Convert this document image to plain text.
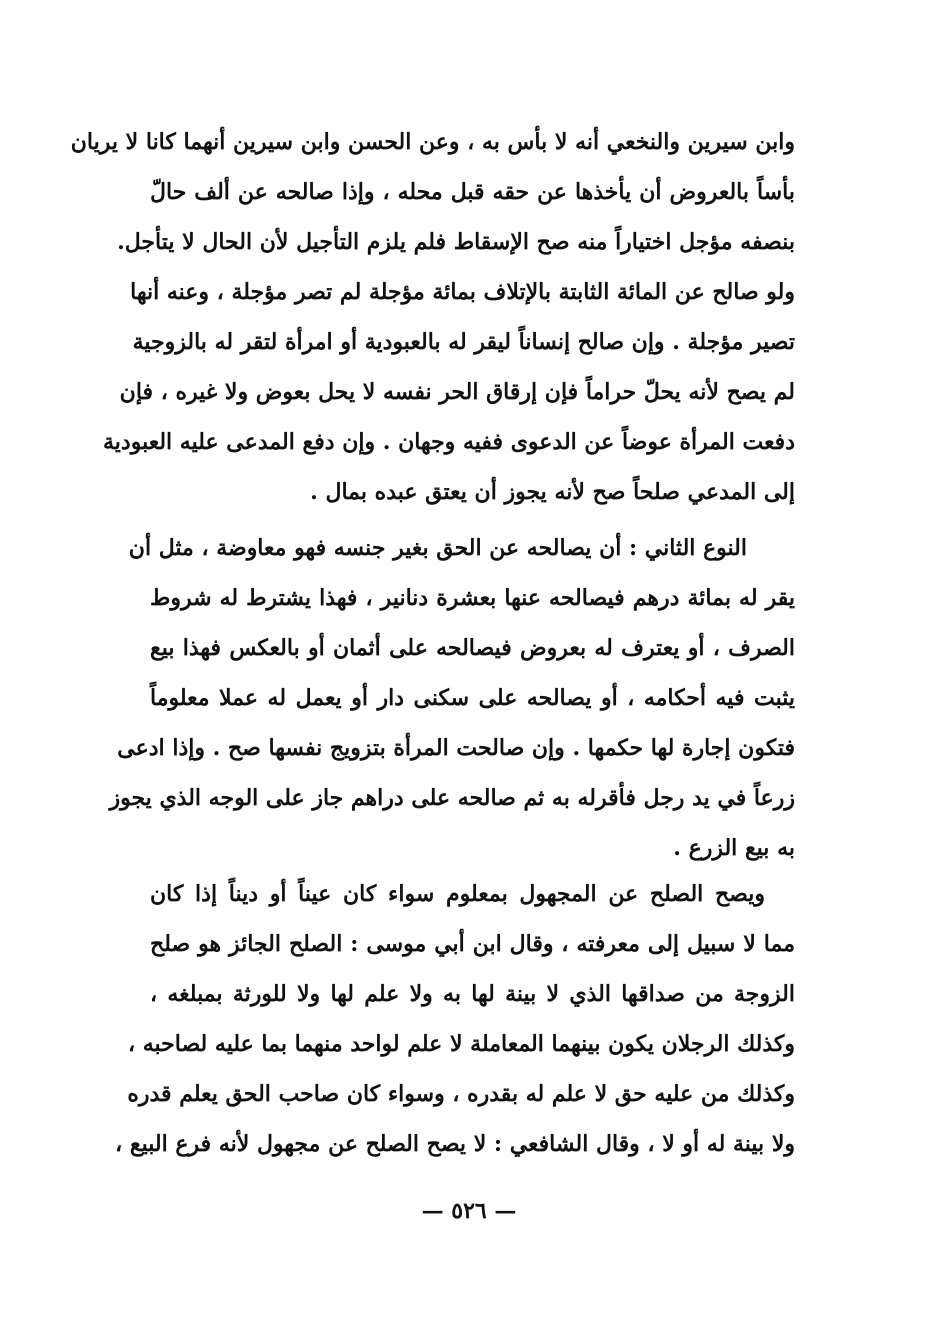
وابن سيرين والنخعي أنه لا بأس به ، وعن الحسن وابن سيرين أنهما كانا لا يريان
بأساً بالعروض أن يأخذها عن حقه قبل محله ، وإذا صالحه عن ألف حالّ
بنصفه مؤجل اختياراً منه صح الإسقاط فلم يلزم التأجيل لأن الحال لا يتأجل.
ولو صالح عن المائة الثابتة بالإتلاف بمائة مؤجلة لم تصر مؤجلة ، وعنه أنها
تصير مؤجلة . وإن صالح إنساناً ليقر له بالعبودية أو امرأة لتقر له بالزوجية
لم يصح لأنه يحلّ حراماً فإن إرقاق الحر نفسه لا يحل بعوض ولا غيره ، فإن
دفعت المرأة عوضاً عن الدعوى ففيه وجهان . وإن دفع المدعى عليه العبودية
إلى المدعي صلحاً صح لأنه يجوز أن يعتق عبده بمال .
النوع الثاني : أن يصالحه عن الحق بغير جنسه فهو معاوضة ، مثل أن
يقر له بمائة درهم فيصالحه عنها بعشرة دنانير ، فهذا يشترط له شروط
الصرف ، أو يعترف له بعروض فيصالحه على أثمان أو بالعكس فهذا بيع
يثبت فيه أحكامه ، أو يصالحه على سكنى دار أو يعمل له عملا معلوماً
فتكون إجارة لها حكمها . وإن صالحت المرأة بتزويج نفسها صح . وإذا ادعى
زرعاً في يد رجل فأقرله به ثم صالحه على دراهم جاز على الوجه الذي يجوز
به بيع الزرع .
ويصح الصلح عن المجهول بمعلوم سواء كان عيناً أو ديناً إذا كان
مما لا سبيل إلى معرفته ، وقال ابن أبي موسى : الصلح الجائز هو صلح
الزوجة من صداقها الذي لا بينة لها به ولا علم لها ولا للورثة بمبلغه ،
وكذلك الرجلان يكون بينهما المعاملة لا علم لواحد منهما بما عليه لصاحبه ،
وكذلك من عليه حق لا علم له بقدره ، وسواء كان صاحب الحق يعلم قدره
ولا بينة له أو لا ، وقال الشافعي : لا يصح الصلح عن مجهول لأنه فرع البيع ،
— ٥٢٦ —
